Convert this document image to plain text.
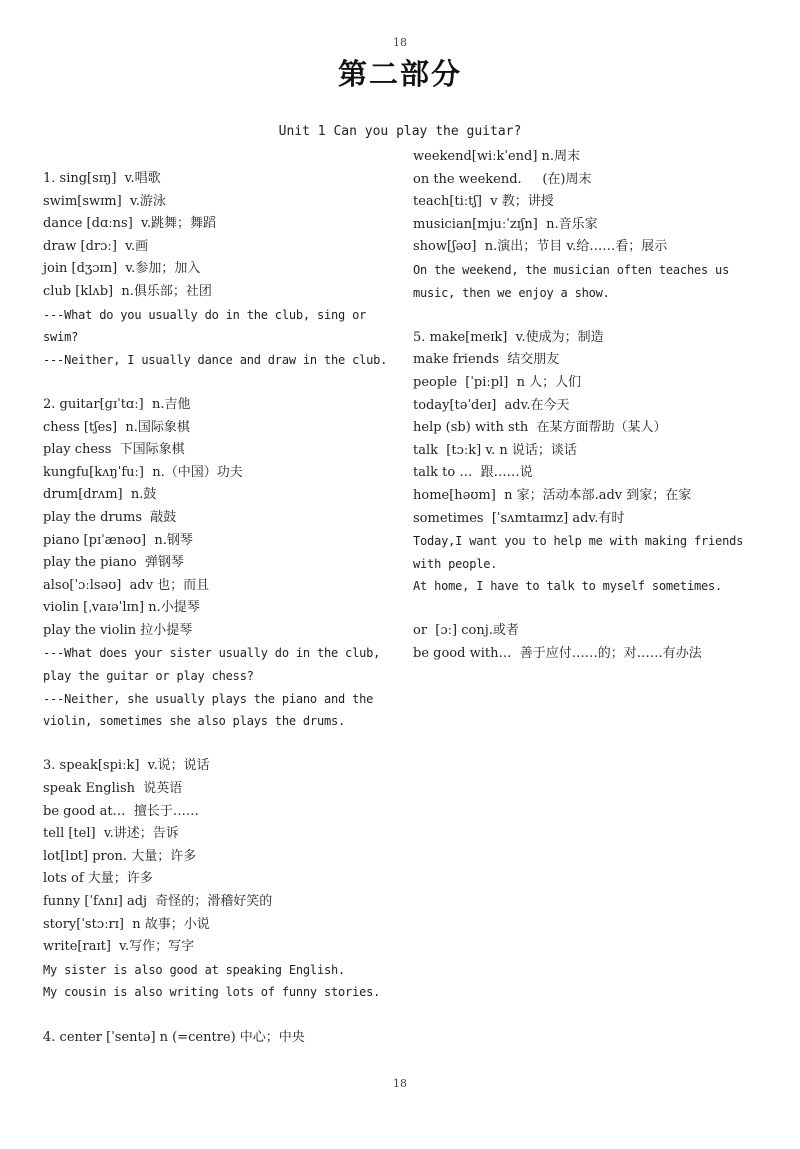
18
第二部分
Unit 1 Can you play the guitar?
1. sing[sɪŋ]  v.唱歌
swim[swɪm]  v.游泳
dance [dɑːns]  v.跳舞；舞蹈
draw [drɔː]  v.画
join [dʒɔɪn]  v.参加；加入
club [klʌb]  n.俱乐部；社团
---What do you usually do in the club, sing or
swim?
---Neither, I usually dance and draw in the club.
2. guitar[ɡɪˈtɑː]  n.吉他
chess [tʃes]  n.国际象棋
play chess  下国际象棋
kungfu[kʌŋˈfuː]  n.（中国）功夫
drum[drʌm]  n.鼓
play the drums  敲鼓
piano [pɪˈænəʊ]  n.钢琴
play the piano  弹钢琴
also[ˈɔːlsəʊ]  adv 也；而且
violin [ˌvaɪəˈlɪn] n.小提琴
play the violin 拉小提琴
---What does your sister usually do in the club,
play the guitar or play chess?
---Neither, she usually plays the piano and the
violin, sometimes she also plays the drums.
3. speak[spiːk]  v.说；说话
speak English  说英语
be good at…  擅长于……
tell [tel]  v.讲述；告诉
lot[lɒt] pron. 大量；许多
lots of 大量；许多
funny [ˈfʌnɪ] adj  奇怪的；滑稽好笑的
story[ˈstɔːrɪ]  n 故事；小说
write[raɪt]  v.写作；写字
My sister is also good at speaking English.
My cousin is also writing lots of funny stories.
4. center [ˈsentə] n (=centre) 中心；中央
weekend[wiːkˈend] n.周末
on the weekend.     (在)周末
teach[tiːtʃ]  v 教；讲授
musician[mjuːˈzɪʃn]  n.音乐家
show[ʃəʊ]  n.演出；节目 v.给……看；展示
On the weekend, the musician often teaches us
music, then we enjoy a show.
5. make[meɪk]  v.使成为；制造
make friends  结交朋友
people  [ˈpiːpl]  n 人；人们
today[təˈdeɪ]  adv.在今天
help (sb) with sth  在某方面帮助（某人）
talk  [tɔːk] v. n 说话；谈话
talk to …  跟……说
home[həʊm]  n 家；活动本部.adv 到家；在家
sometimes  [ˈsʌmtaɪmz] adv.有时
Today,I want you to help me with making friends
with people.
At home, I have to talk to myself sometimes.
or  [ɔː] conj.或者
be good with…  善于应付……的；对……有办法
18
